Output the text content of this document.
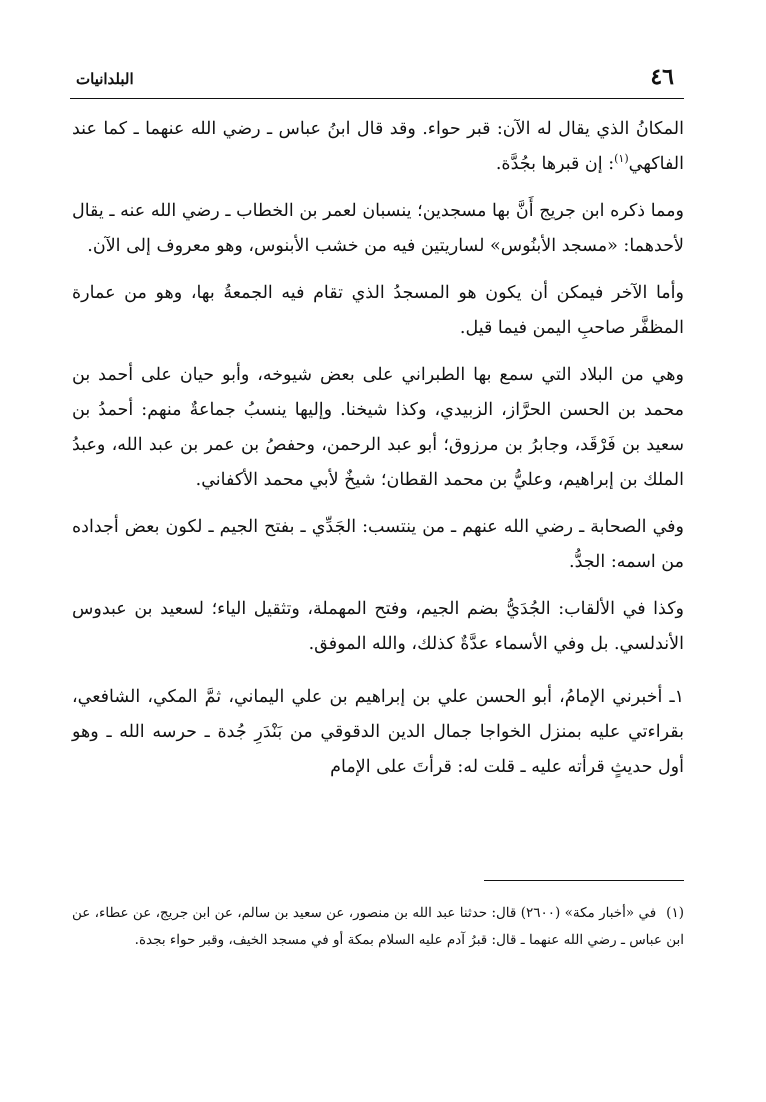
٤٦
البلدانيات

المكانُ الذي يقال له الآن: قبر حواء. وقد قال ابنُ عباس ـ رضي الله عنهما ـ كما عند الفاكهي$^{(١)}$: إن قبرها بجُدَّة.

ومما ذكره ابن جريج أَنَّ بها مسجدين؛ ينسبان لعمر بن الخطاب ـ رضي الله عنه ـ يقال لأحدهما: «مسجد الأبنُوس» لساريتين فيه من خشب الأبنوس، وهو معروف إلى الآن.

وأما الآخر فيمكن أن يكون هو المسجدُ الذي تقام فيه الجمعةُ بها، وهو من عمارة المظفَّر صاحبِ اليمن فيما قيل.

وهي من البلاد التي سمع بها الطبراني على بعض شيوخه، وأبو حيان على أحمد بن محمد بن الحسن الحرَّاز، الزبيدي، وكذا شيخنا. وإليها ينسبُ جماعةٌ منهم: أحمدُ بن سعيد بن فَرْقَد، وجابرُ بن مرزوق؛ أبو عبد الرحمن، وحفصُ بن عمر بن عبد الله، وعبدُ الملك بن إبراهيم، وعليُّ بن محمد القطان؛ شيخٌ لأبي محمد الأكفاني.

وفي الصحابة ـ رضي الله عنهم ـ من ينتسب: الجَدِّي ـ بفتح الجيم ـ لكون بعض أجداده من اسمه: الجدُّ.

وكذا في الألقاب: الجُدَيُّ بضم الجيم، وفتح المهملة، وتثقيل الياء؛ لسعيد بن عبدوس الأندلسي. بل وفي الأسماء عدَّةٌ كذلك، والله الموفق.

١ـ أخبرني الإمامُ، أبو الحسن علي بن إبراهيم بن علي اليماني، ثمَّ المكي، الشافعي، بقراءتي عليه بمنزل الخواجا جمال الدين الدقوقي من بَنْدَرِ جُدة ـ حرسه الله ـ وهو أول حديثٍ قرأته عليه ـ قلت له: قرأتَ على الإمام

(١)في «أخبار مكة» (٢٦٠٠) قال: حدثنا عبد الله بن منصور، عن سعيد بن سالم، عن ابن جريج، عن عطاء، عن ابن عباس ـ رضي الله عنهما ـ قال: قبرُ آدم عليه السلام بمكة أو في مسجد الخيف، وقبر حواء بجدة.
